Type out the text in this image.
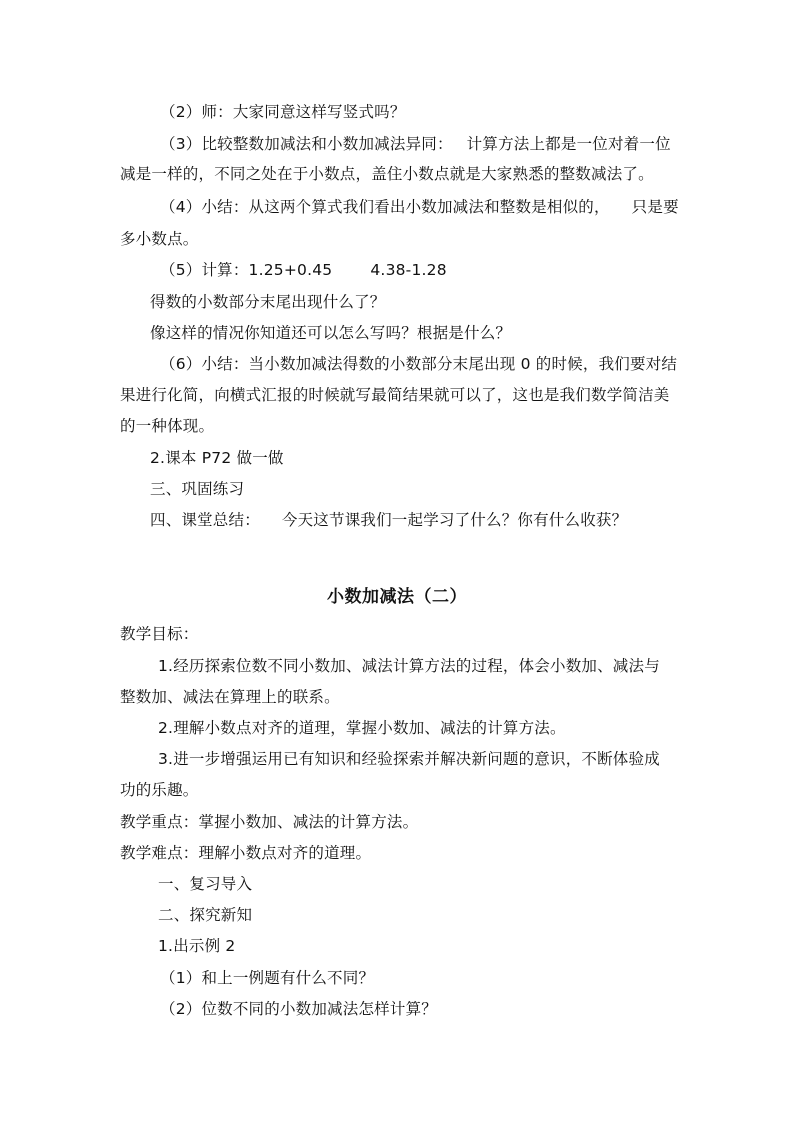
（2）师：大家同意这样写竖式吗？
（3）比较整数加减法和小数加减法异同： 计算方法上都是一位对着一位
减是一样的，不同之处在于小数点，盖住小数点就是大家熟悉的整数减法了。
（4）小结：从这两个算式我们看出小数加减法和整数是相似的， 只是要
多小数点。
（5）计算：1.25+0.45 4.38-1.28
得数的小数部分末尾出现什么了？
像这样的情况你知道还可以怎么写吗？根据是什么？
（6）小结：当小数加减法得数的小数部分末尾出现 0 的时候，我们要对结
果进行化简，向横式汇报的时候就写最简结果就可以了，这也是我们数学简洁美
的一种体现。
2.课本 P72 做一做
三、巩固练习
四、课堂总结： 今天这节课我们一起学习了什么？你有什么收获？
小数加减法（二）
教学目标：
1.经历探索位数不同小数加、减法计算方法的过程，体会小数加、减法与
整数加、减法在算理上的联系。
2.理解小数点对齐的道理，掌握小数加、减法的计算方法。
3.进一步增强运用已有知识和经验探索并解决新问题的意识，不断体验成
功的乐趣。
教学重点：掌握小数加、减法的计算方法。
教学难点：理解小数点对齐的道理。
一、复习导入
二、探究新知
1.出示例 2
（1）和上一例题有什么不同？
（2）位数不同的小数加减法怎样计算？
